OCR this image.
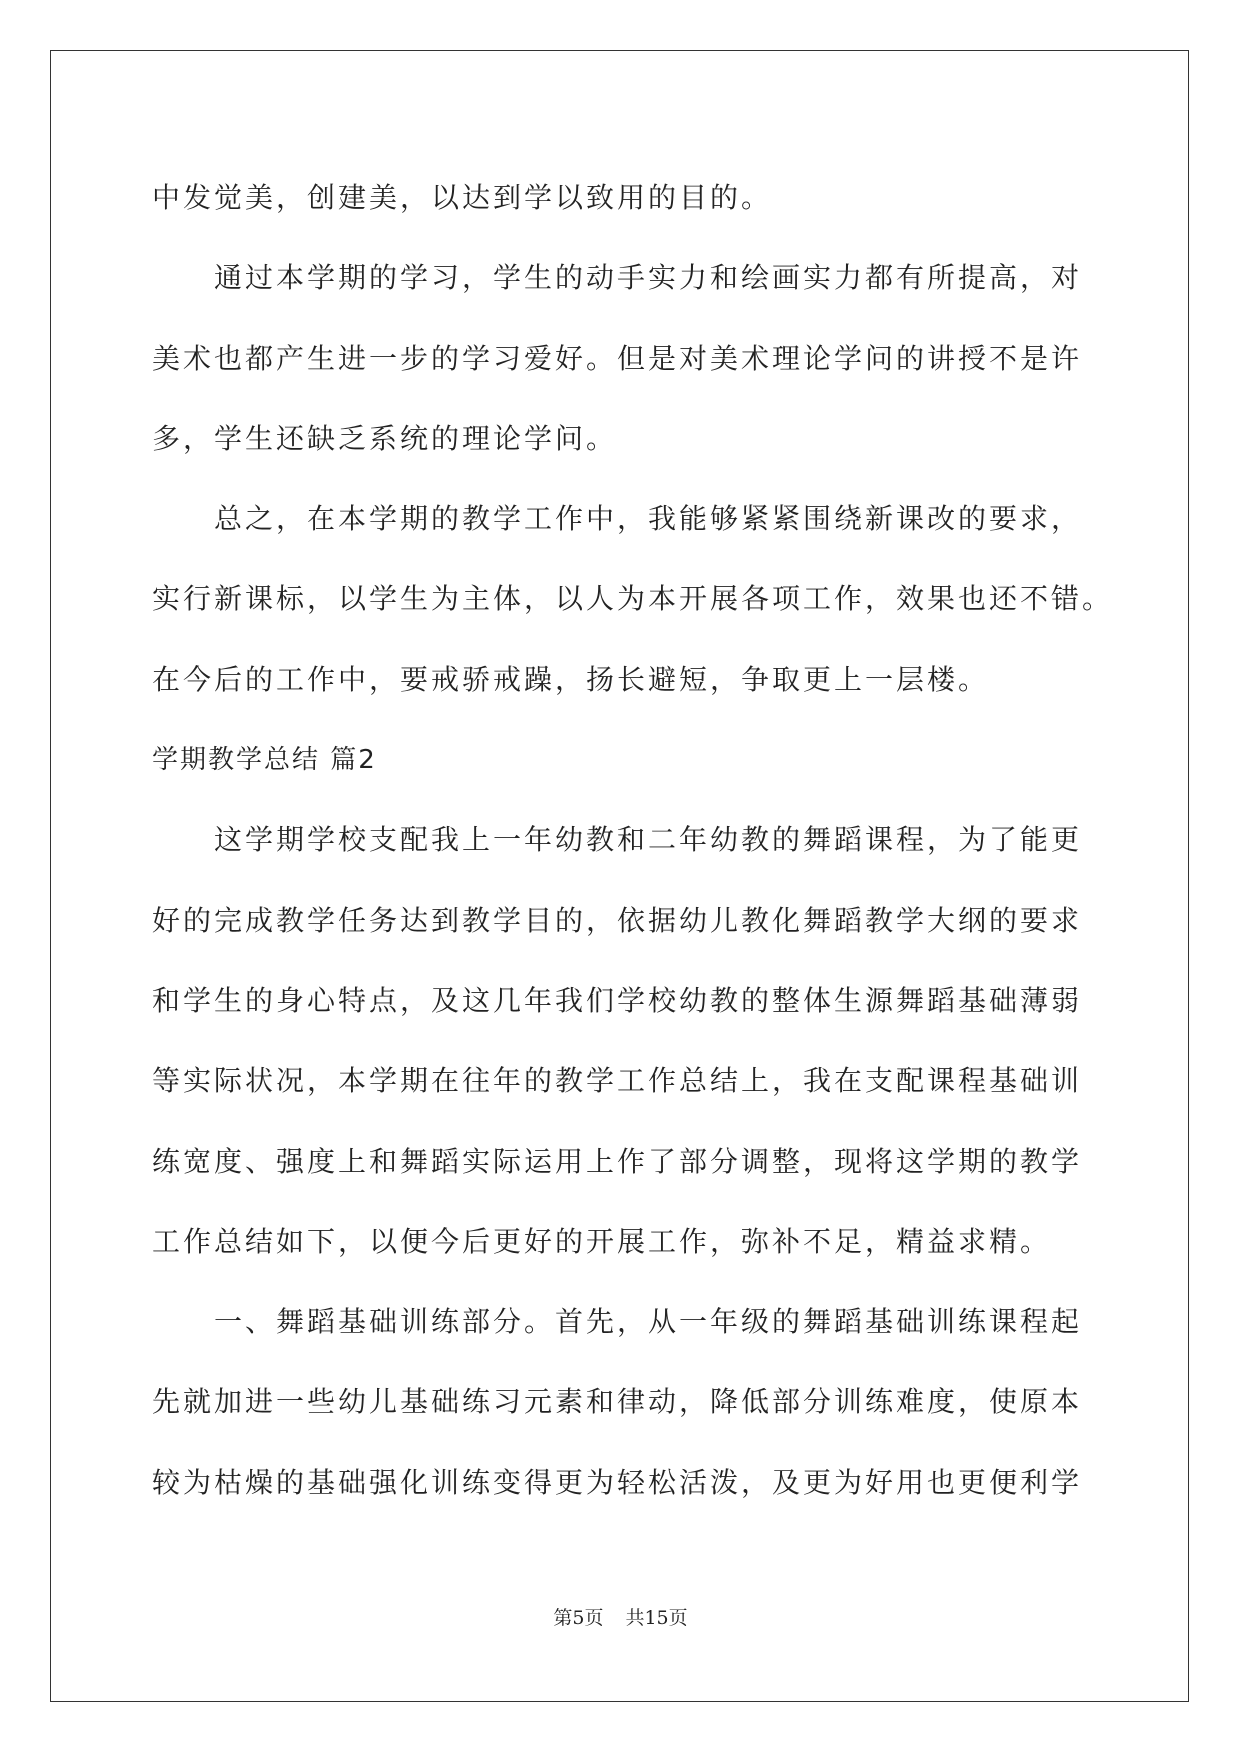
中发觉美，创建美，以达到学以致用的目的。
通过本学期的学习，学生的动手实力和绘画实力都有所提高，对
美术也都产生进一步的学习爱好。但是对美术理论学问的讲授不是许
多，学生还缺乏系统的理论学问。
总之，在本学期的教学工作中，我能够紧紧围绕新课改的要求，
实行新课标，以学生为主体，以人为本开展各项工作，效果也还不错。
在今后的工作中，要戒骄戒躁，扬长避短，争取更上一层楼。
学期教学总结 篇2
这学期学校支配我上一年幼教和二年幼教的舞蹈课程，为了能更
好的完成教学任务达到教学目的，依据幼儿教化舞蹈教学大纲的要求
和学生的身心特点，及这几年我们学校幼教的整体生源舞蹈基础薄弱
等实际状况，本学期在往年的教学工作总结上，我在支配课程基础训
练宽度、强度上和舞蹈实际运用上作了部分调整，现将这学期的教学
工作总结如下，以便今后更好的开展工作，弥补不足，精益求精。
一、舞蹈基础训练部分。首先，从一年级的舞蹈基础训练课程起
先就加进一些幼儿基础练习元素和律动，降低部分训练难度，使原本
较为枯燥的基础强化训练变得更为轻松活泼，及更为好用也更便利学
第5页 共15页
